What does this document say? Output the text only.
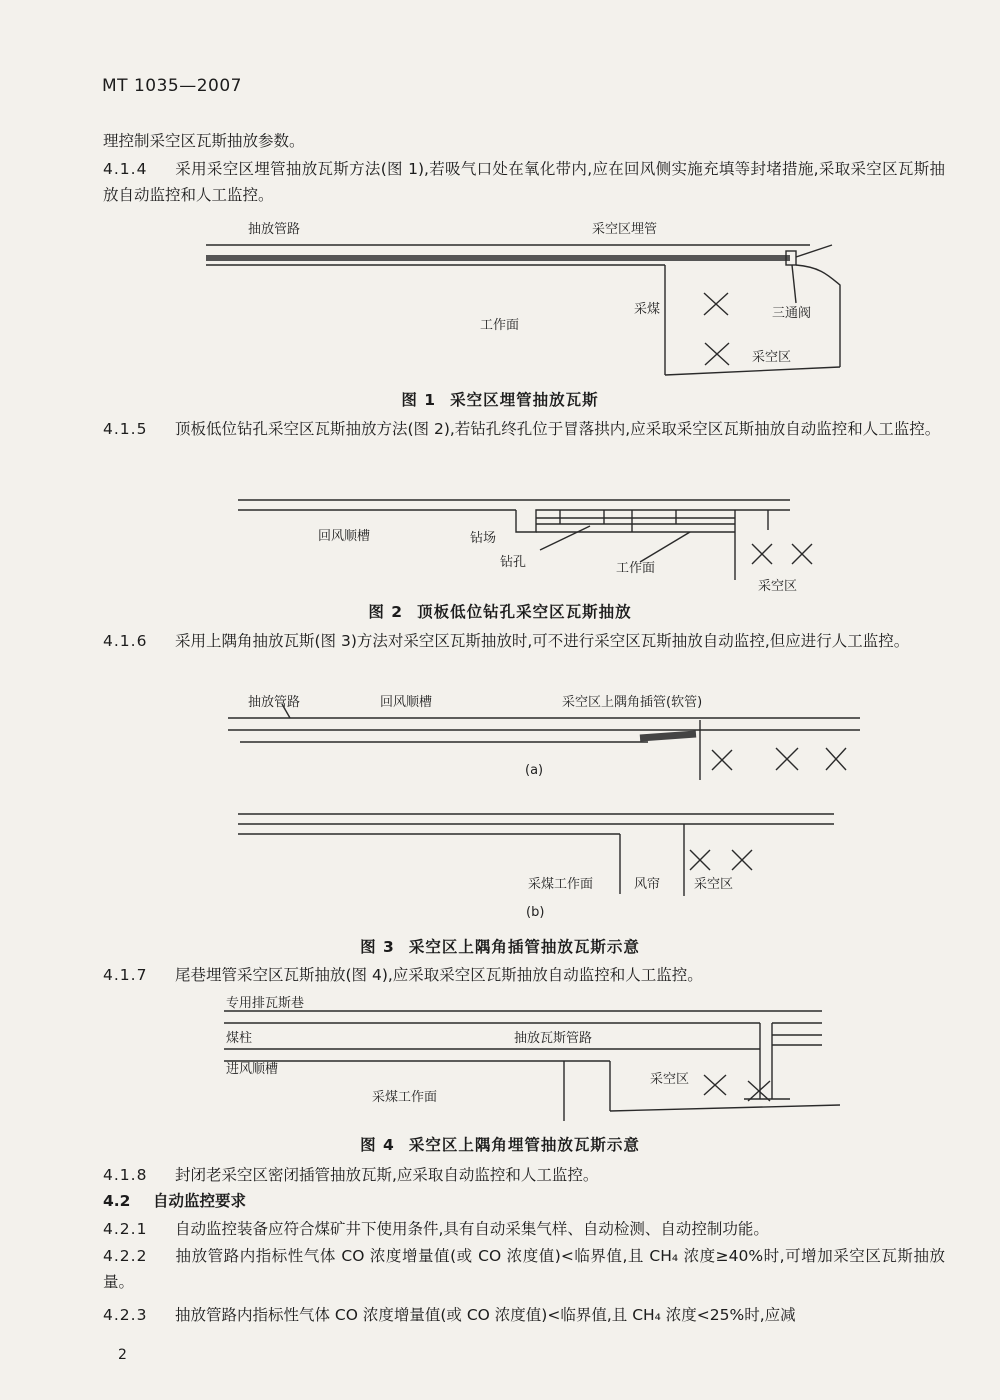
MT 1035—2007
理控制采空区瓦斯抽放参数。
4.1.4 采用采空区埋管抽放瓦斯方法(图 1),若吸气口处在氧化带内,应在回风侧实施充填等封堵措施,采取采空区瓦斯抽放自动监控和人工监控。
抽放管路	采空区埋管
采煤	三通阀
工作面
采空区
图 1 采空区埋管抽放瓦斯
4.1.5 顶板低位钻孔采空区瓦斯抽放方法(图 2),若钻孔终孔位于冒落拱内,应采取采空区瓦斯抽放自动监控和人工监控。
回风顺槽	钻场
钻孔	工作面
采空区
图 2 顶板低位钻孔采空区瓦斯抽放
4.1.6 采用上隅角抽放瓦斯(图 3)方法对采空区瓦斯抽放时,可不进行采空区瓦斯抽放自动监控,但应进行人工监控。
抽放管路	回风顺槽	采空区上隅角插管(软管)
(a)
采煤工作面	风帘	采空区
(b)
图 3 采空区上隅角插管抽放瓦斯示意
4.1.7 尾巷埋管采空区瓦斯抽放(图 4),应采取采空区瓦斯抽放自动监控和人工监控。
专用排瓦斯巷
煤柱	抽放瓦斯管路
进风顺槽
采空区
采煤工作面
图 4 采空区上隅角埋管抽放瓦斯示意
4.1.8 封闭老采空区密闭插管抽放瓦斯,应采取自动监控和人工监控。
4.2 自动监控要求
4.2.1 自动监控装备应符合煤矿井下使用条件,具有自动采集气样、自动检测、自动控制功能。
4.2.2 抽放管路内指标性气体 CO 浓度增量值(或 CO 浓度值)<临界值,且 CH₄ 浓度≥40%时,可增加采空区瓦斯抽放量。
4.2.3 抽放管路内指标性气体 CO 浓度增量值(或 CO 浓度值)<临界值,且 CH₄ 浓度<25%时,应减
2
